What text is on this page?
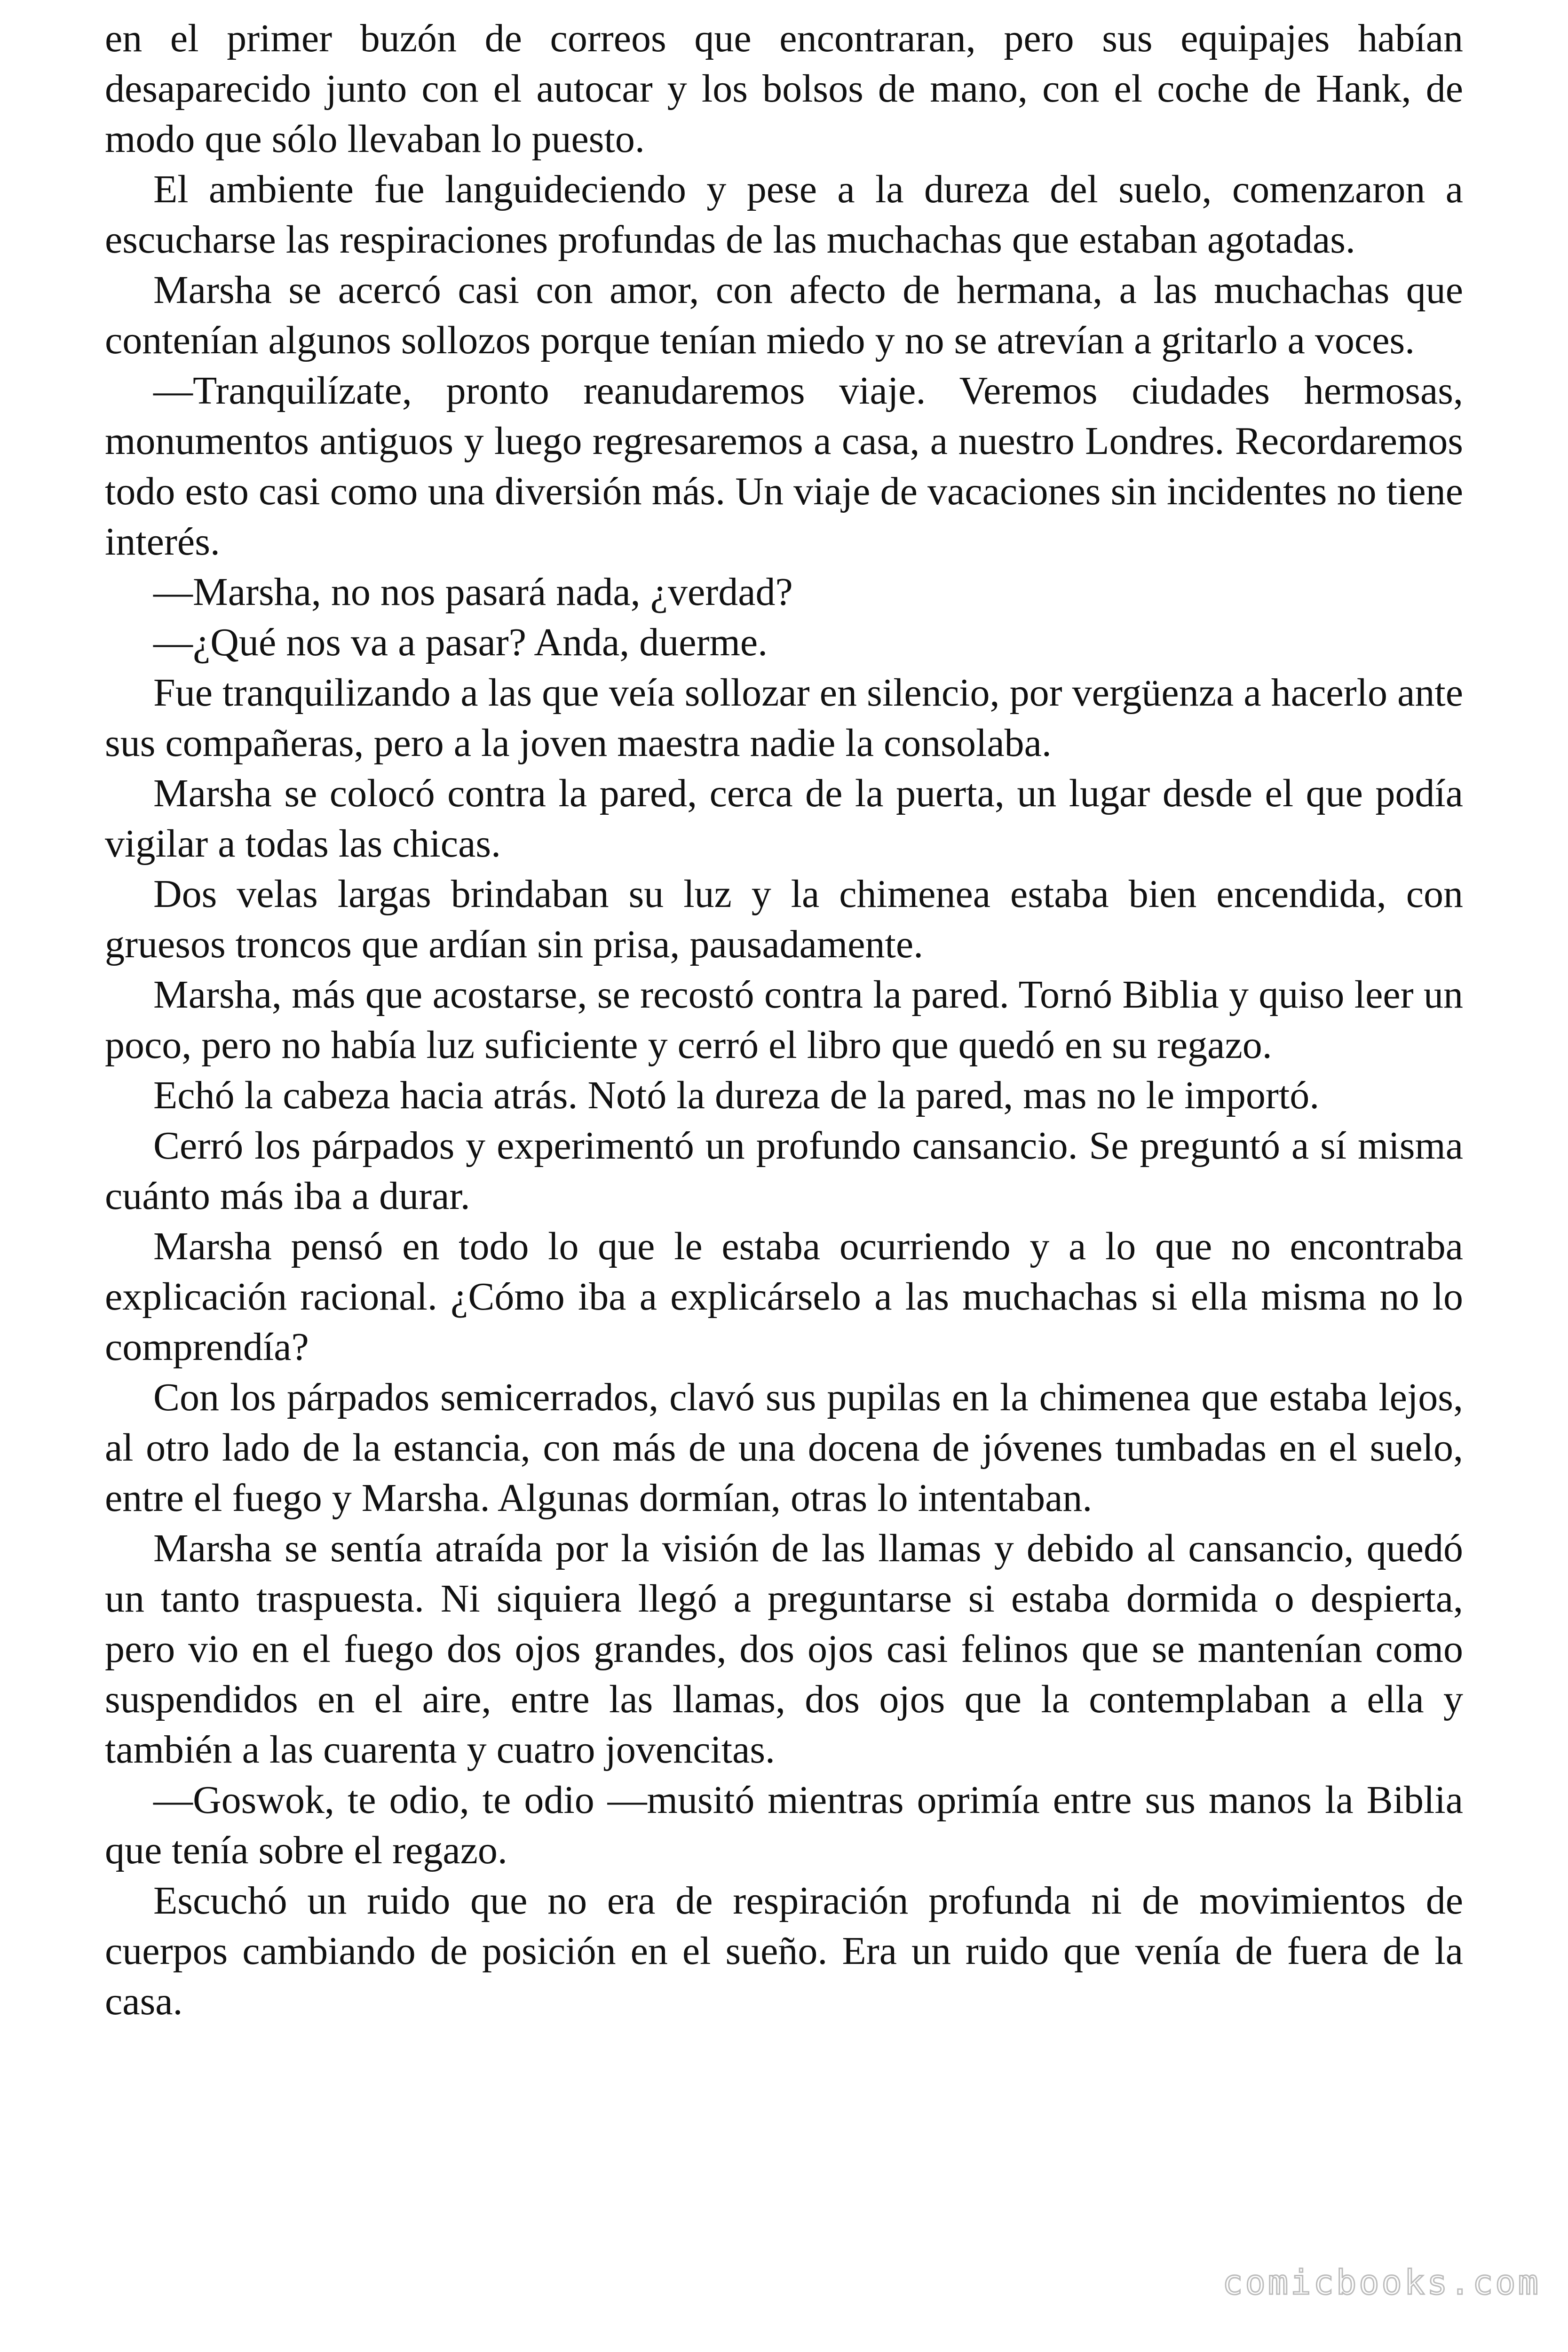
en el primer buzón de correos que encontraran, pero sus equipajes habían desaparecido junto con el autocar y los bolsos de mano, con el coche de Hank, de modo que sólo llevaban lo puesto.

El ambiente fue languideciendo y pese a la dureza del suelo, comenzaron a escucharse las respiraciones profundas de las muchachas que estaban agotadas.

Marsha se acercó casi con amor, con afecto de hermana, a las muchachas que contenían algunos sollozos porque tenían miedo y no se atrevían a gritarlo a voces.

—Tranquilízate, pronto reanudaremos viaje. Veremos ciudades hermosas, monumentos antiguos y luego regresaremos a casa, a nuestro Londres. Recordaremos todo esto casi como una diversión más. Un viaje de vacaciones sin incidentes no tiene interés.

—Marsha, no nos pasará nada, ¿verdad?

—¿Qué nos va a pasar? Anda, duerme.

Fue tranquilizando a las que veía sollozar en silencio, por vergüenza a hacerlo ante sus compañeras, pero a la joven maestra nadie la consolaba.

Marsha se colocó contra la pared, cerca de la puerta, un lugar desde el que podía vigilar a todas las chicas.

Dos velas largas brindaban su luz y la chimenea estaba bien encendida, con gruesos troncos que ardían sin prisa, pausadamente.

Marsha, más que acostarse, se recostó contra la pared. Tornó Biblia y quiso leer un poco, pero no había luz suficiente y cerró el libro que quedó en su regazo.

Echó la cabeza hacia atrás. Notó la dureza de la pared, mas no le importó.

Cerró los párpados y experimentó un profundo cansancio. Se preguntó a sí misma cuánto más iba a durar.

Marsha pensó en todo lo que le estaba ocurriendo y a lo que no encontraba explicación racional. ¿Cómo iba a explicárselo a las muchachas si ella misma no lo comprendía?

Con los párpados semicerrados, clavó sus pupilas en la chimenea que estaba lejos, al otro lado de la estancia, con más de una docena de jóvenes tumbadas en el suelo, entre el fuego y Marsha. Algunas dormían, otras lo intentaban.

Marsha se sentía atraída por la visión de las llamas y debido al cansancio, quedó un tanto traspuesta. Ni siquiera llegó a preguntarse si estaba dormida o despierta, pero vio en el fuego dos ojos grandes, dos ojos casi felinos que se mantenían como suspendidos en el aire, entre las llamas, dos ojos que la contemplaban a ella y también a las cuarenta y cuatro jovencitas.

—Goswok, te odio, te odio —musitó mientras oprimía entre sus manos la Biblia que tenía sobre el regazo.

Escuchó un ruido que no era de respiración profunda ni de movimientos de cuerpos cambiando de posición en el sueño. Era un ruido que venía de fuera de la casa.

comicbooks.com
